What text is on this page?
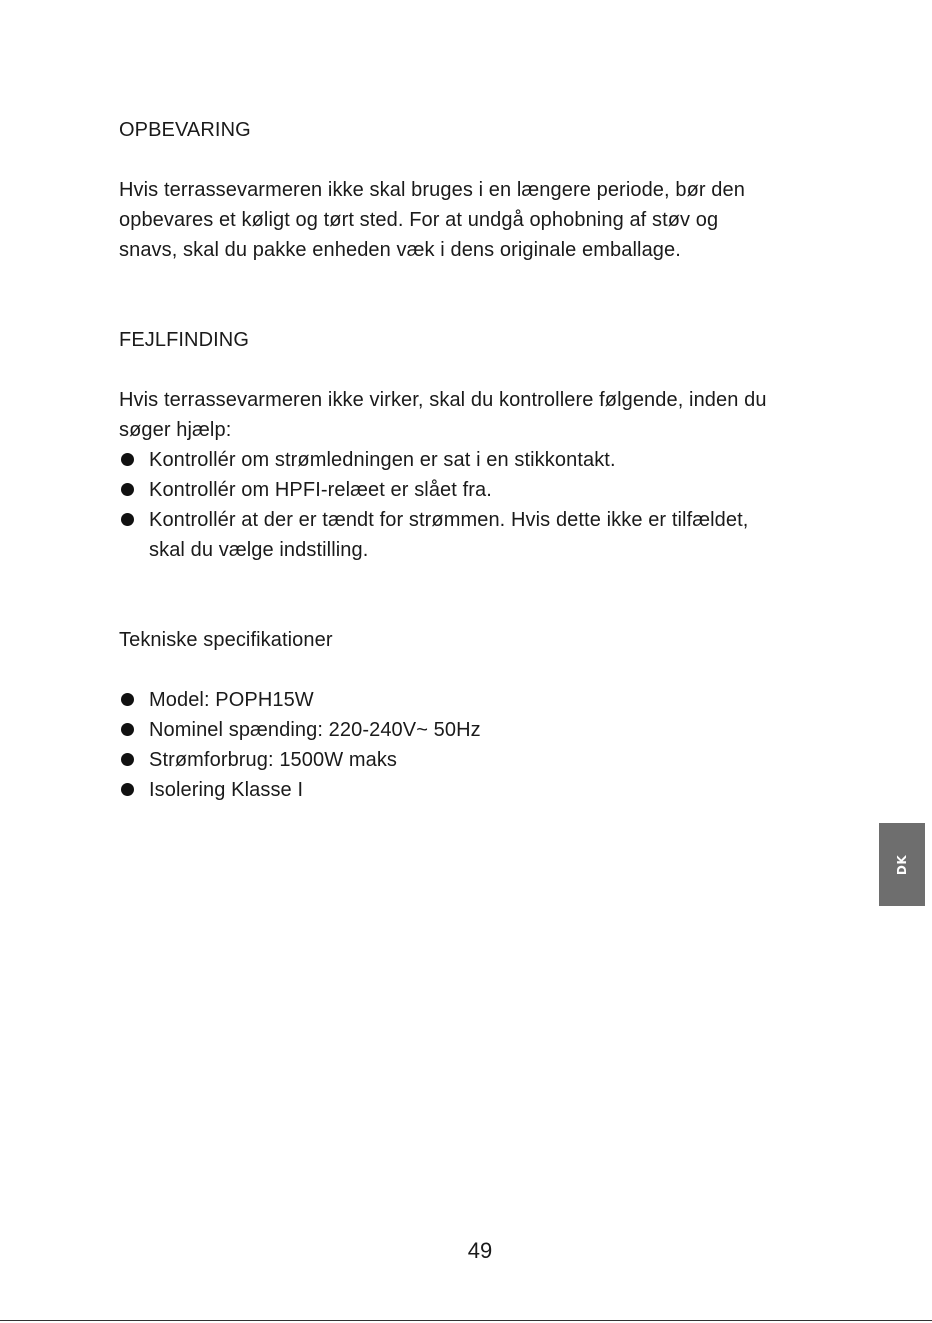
OPBEVARING
Hvis terrassevarmeren ikke skal bruges i en længere periode, bør den
opbevares et køligt og tørt sted. For at undgå ophobning af støv og
snavs, skal du pakke enheden væk i dens originale emballage.
FEJLFINDING
Hvis terrassevarmeren ikke virker, skal du kontrollere følgende, inden du
søger hjælp:
Kontrollér om strømledningen er sat i en stikkontakt.
Kontrollér om HPFI-relæet er slået fra.
Kontrollér at der er tændt for strømmen. Hvis dette ikke er tilfældet,
skal du vælge indstilling.
Tekniske specifikationer
Model: POPH15W
Nominel spænding: 220-240V~ 50Hz
Strømforbrug: 1500W maks
Isolering Klasse I
DK
49
